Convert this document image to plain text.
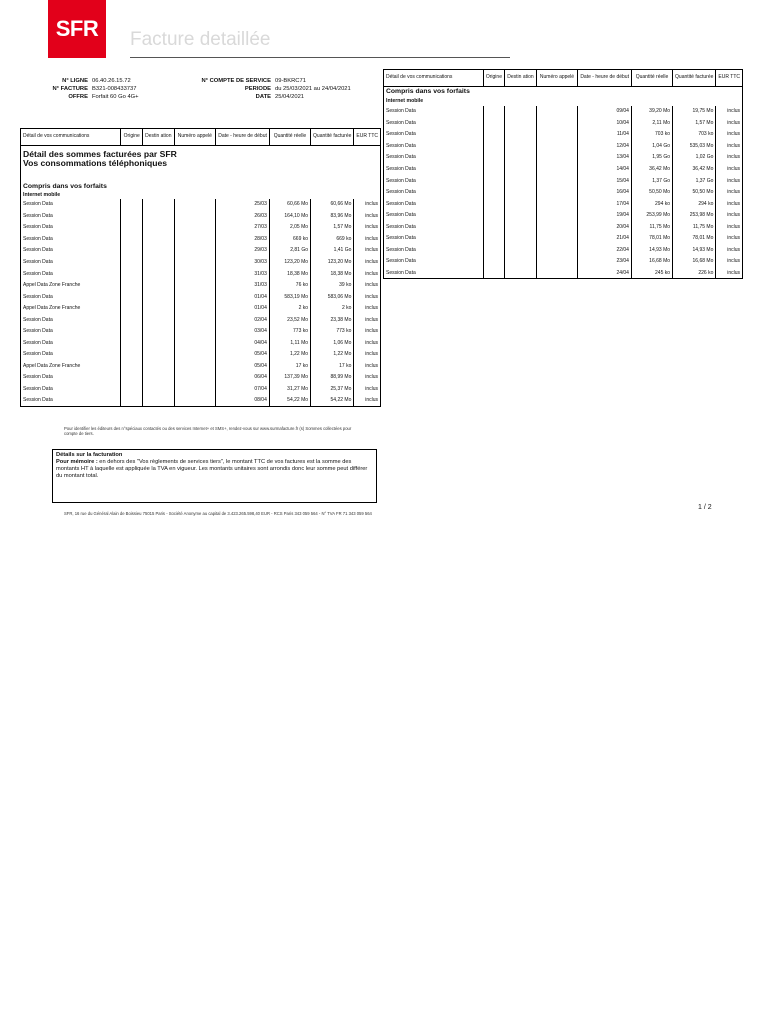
SFR	Facture detaillée
N° LIGNE 06.40.26.15.72
N° FACTURE B321-008433737
OFFRE Forfait 60 Go 4G+
N° COMPTE DE SERVICE 09-BKRC71
PERIODE du 25/03/2021 au 24/04/2021
DATE 25/04/2021
Détail de vos communications	Origine	Destin ation	Numéro appelé	Date - heure de début	Quantité réelle	Quantité facturée	EUR TTC

Détail des sommes facturées par SFR
Vos consommations téléphoniques							

Compris dans vos forfaits							
Internet mobile							
Session Data				25/03	60,66 Mo	60,66 Mo	inclus
Session Data				26/03	164,10 Mo	83,96 Mo	inclus
Session Data				27/03	2,05 Mo	1,57 Mo	inclus
Session Data				28/03	669 ko	669 ko	inclus
Session Data				29/03	2,81 Go	1,41 Go	inclus
Session Data				30/03	123,20 Mo	123,20 Mo	inclus
Session Data				31/03	18,38 Mo	18,38 Mo	inclus
Appel Data Zone Franche				31/03	76 ko	39 ko	inclus
Session Data				01/04	583,19 Mo	583,06 Mo	inclus
Appel Data Zone Franche				01/04	2 ko	2 ko	inclus
Session Data				02/04	23,52 Mo	23,38 Mo	inclus
Session Data				03/04	773 ko	773 ko	inclus
Session Data				04/04	1,11 Mo	1,06 Mo	inclus
Session Data				05/04	1,22 Mo	1,22 Mo	inclus
Appel Data Zone Franche				05/04	17 ko	17 ko	inclus
Session Data				06/04	137,39 Mo	88,99 Mo	inclus
Session Data				07/04	31,27 Mo	25,37 Mo	inclus
Session Data				08/04	54,22 Mo	54,22 Mo	inclus
Détail de vos communications	Origine	Destin ation	Numéro appelé	Date - heure de début	Quantité réelle	Quantité facturée	EUR TTC
Compris dans vos forfaits							
Internet mobile							
Session Data				09/04	39,20 Mo	19,75 Mo	inclus
Session Data				10/04	2,11 Mo	1,57 Mo	inclus
Session Data				11/04	703 ko	703 ko	inclus
Session Data				12/04	1,04 Go	535,03 Mo	inclus
Session Data				13/04	1,95 Go	1,02 Go	inclus
Session Data				14/04	36,42 Mo	36,42 Mo	inclus
Session Data				15/04	1,37 Go	1,37 Go	inclus
Session Data				16/04	50,50 Mo	50,50 Mo	inclus
Session Data				17/04	294 ko	294 ko	inclus
Session Data				19/04	253,99 Mo	253,98 Mo	inclus
Session Data				20/04	11,75 Mo	11,75 Mo	inclus
Session Data				21/04	78,01 Mo	78,01 Mo	inclus
Session Data				22/04	14,93 Mo	14,93 Mo	inclus
Session Data				23/04	16,68 Mo	16,68 Mo	inclus
Session Data				24/04	245 ko	226 ko	inclus
Pour identifier les éditeurs des n°spéciaux contactés ou des services Internet+ et SMS+, rendez-vous sur www.surmafacture.fr (s) Sommes collectées pour compte de tiers.
Détails sur la facturation
Pour mémoire : en dehors des "Vos règlements de services tiers", le montant TTC de vos factures est la somme des montants HT à laquelle est appliquée la TVA en vigueur. Les montants unitaires sont arrondis donc leur somme peut différer du montant total.
1 / 2
SFR, 16 rue du Général Alain de Boissieu 75015 Paris - Société Anonyme au capital de 3.423.265.598,40 EUR - RCS Paris 343 059 564 - N° TVA FR 71 343 059 564
